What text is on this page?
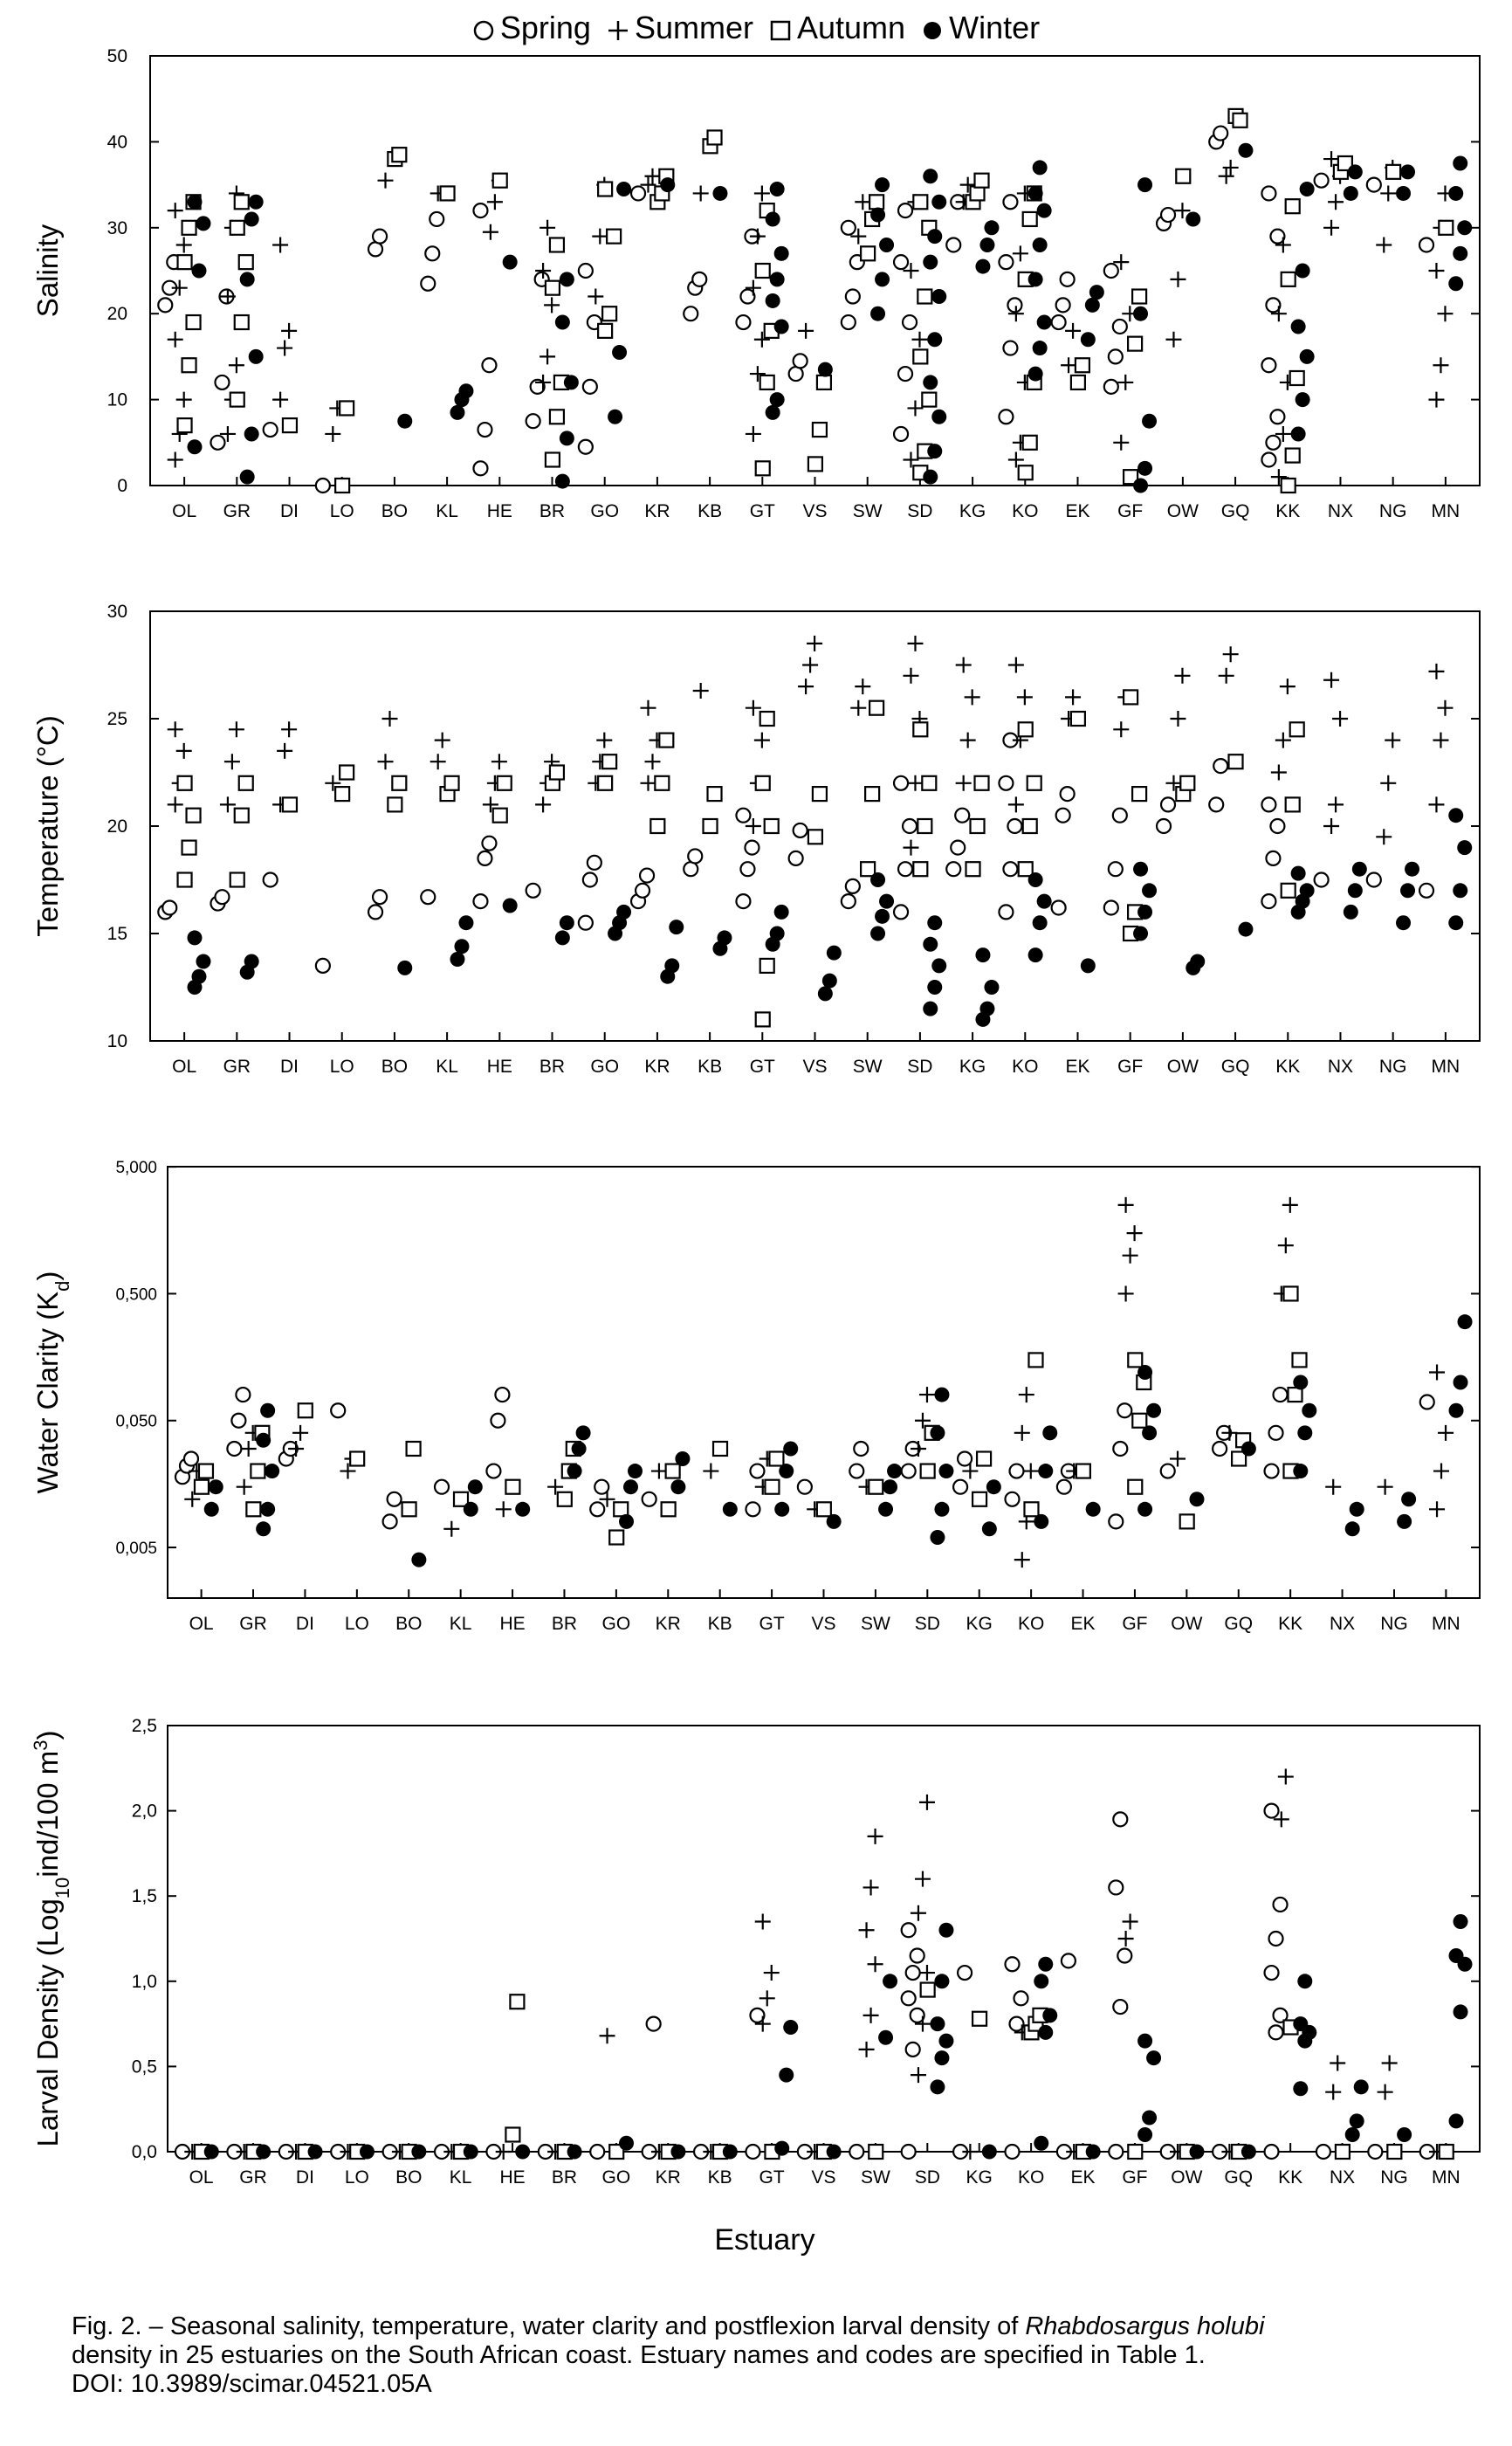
Spring Summer Autumn Winter
0
10
20
30
40
50
Salinity
OL GR DI LO BO KL HE BR GO KR KB GT VS SW SD KG KO EK GF OW GQ KK NX NG MN
10
15
20
25
30
Temperature (°C)
OL GR DI LO BO KL HE BR GO KR KB GT VS SW SD KG KO EK GF OW GQ KK NX NG MN
0,005
0,050
0,500
5,000
Water Clarity $(K_d)$
OL GR DI LO BO KL HE BR GO KR KB GT VS SW SD KG KO EK GF OW GQ KK NX NG MN
0,0
0,5
1,0
1,5
2,0
2,5
Larval Density (Log$_{10}$ind/100 $m^3$)
OL GR DI LO BO KL HE BR GO KR KB GT VS SW SD KG KO EK GF OW GQ KK NX NG MN
Estuary
Fig. 2. – Seasonal salinity, temperature, water clarity and postflexion larval density of Rhabdosargus holubi
density in 25 estuaries on the South African coast. Estuary names and codes are specified in Table 1.
DOI: 10.3989/scimar.04521.05A
